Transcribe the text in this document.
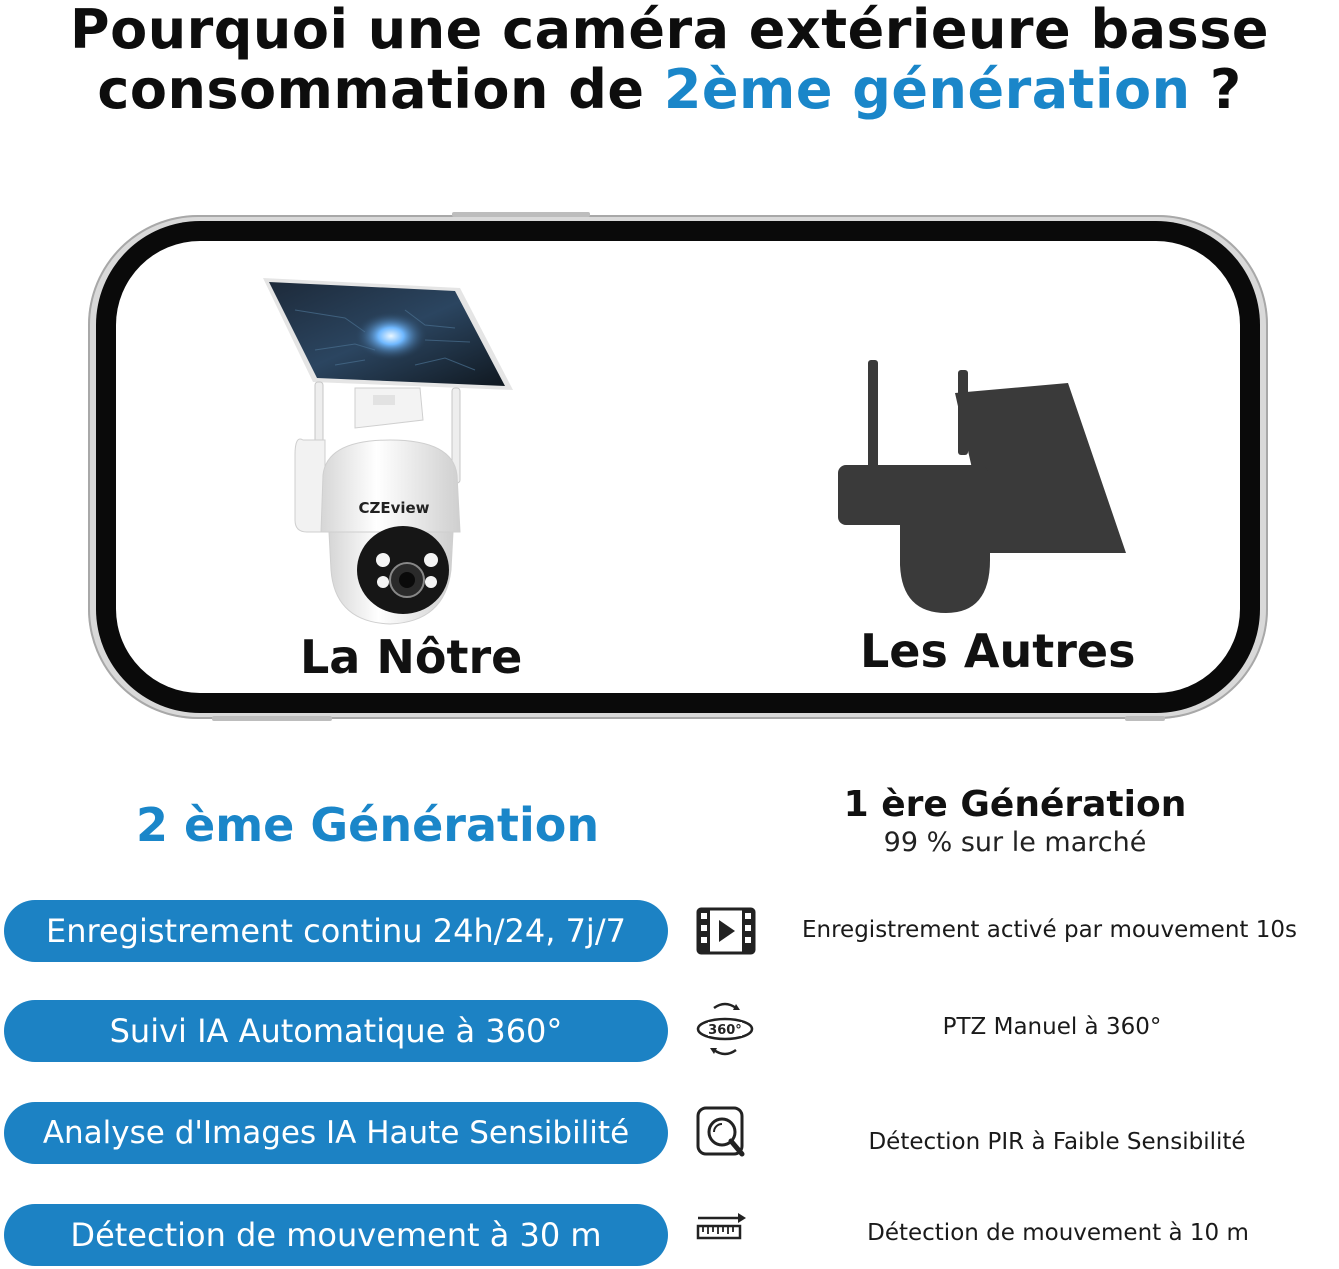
Pourquoi une caméra extérieure basse
consommation de 2ème génération ?
CZEview
La Nôtre	Les Autres
2 ème Génération	1 ère Génération
99 % sur le marché
Enregistrement continu 24h/24, 7j/7	Enregistrement activé par mouvement 10s
Suivi IA Automatique à 360°	360°	PTZ Manuel à 360°
Analyse d'Images IA Haute Sensibilité	Détection PIR à Faible Sensibilité
Détection de mouvement à 30 m	Détection de mouvement à 10 m
